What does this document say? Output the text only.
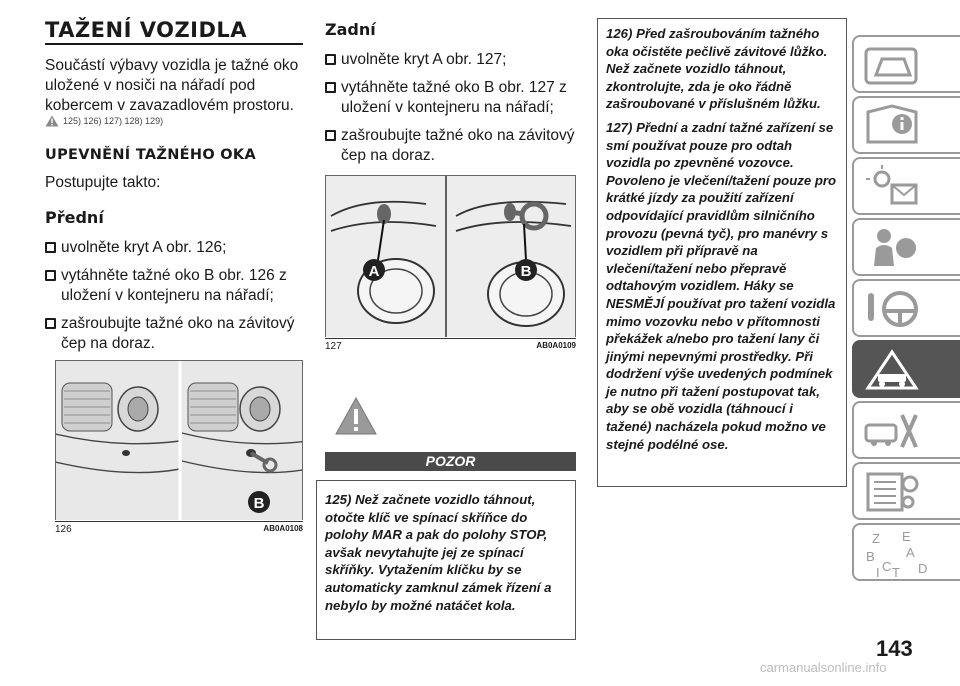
TAŽENÍ VOZIDLA
Součástí výbavy vozidla je tažné oko uložené v nosiči na nářadí pod kobercem v zavazadlovém prostoru.
125) 126) 127) 128) 129)
UPEVNĚNÍ TAŽNÉHO OKA
Postupujte takto:
Přední
uvolněte kryt A obr. 126;
vytáhněte tažné oko B obr. 126 z uložení v kontejneru na nářadí;
zašroubujte tažné oko na závitový čep na doraz.
B
126	AB0A0108
Zadní
uvolněte kryt A obr. 127;
vytáhněte tažné oko B obr. 127 z uložení v kontejneru na nářadí;
zašroubujte tažné oko na závitový čep na doraz.
A	B
127	AB0A0109
POZOR
125) Než začnete vozidlo táhnout, otočte klíč ve spínací skříňce do polohy MAR a pak do polohy STOP, avšak nevytahujte jej ze spínací skříňky. Vytažením klíčku by se automaticky zamknul zámek řízení a nebylo by možné natáčet kola.
126) Před zašroubováním tažného oka očistěte pečlivě závitové lůžko. Než začnete vozidlo táhnout, zkontrolujte, zda je oko řádně zašroubované v příslušném lůžku.
127) Přední a zadní tažné zařízení se smí používat pouze pro odtah vozidla po zpevněné vozovce. Povoleno je vlečení/tažení pouze pro krátké jízdy za použití zařízení odpovídající pravidlům silničního provozu (pevná tyč), pro manévry s vozidlem při přípravě na vlečení/tažení nebo přepravě odtahovým vozidlem. Háky se NESMĚJÍ používat pro tažení vozidla mimo vozovku nebo v přítomnosti překážek a/nebo pro tažení lany či jinými nepevnými prostředky. Při dodržení výše uvedených podmínek je nutno při tažení postupovat tak, aby se obě vozidla (táhnoucí i tažené) nacházela pokud možno ve stejné podélné ose.
Z E
A
B
C T D
I
143
carmanualsonline.info
